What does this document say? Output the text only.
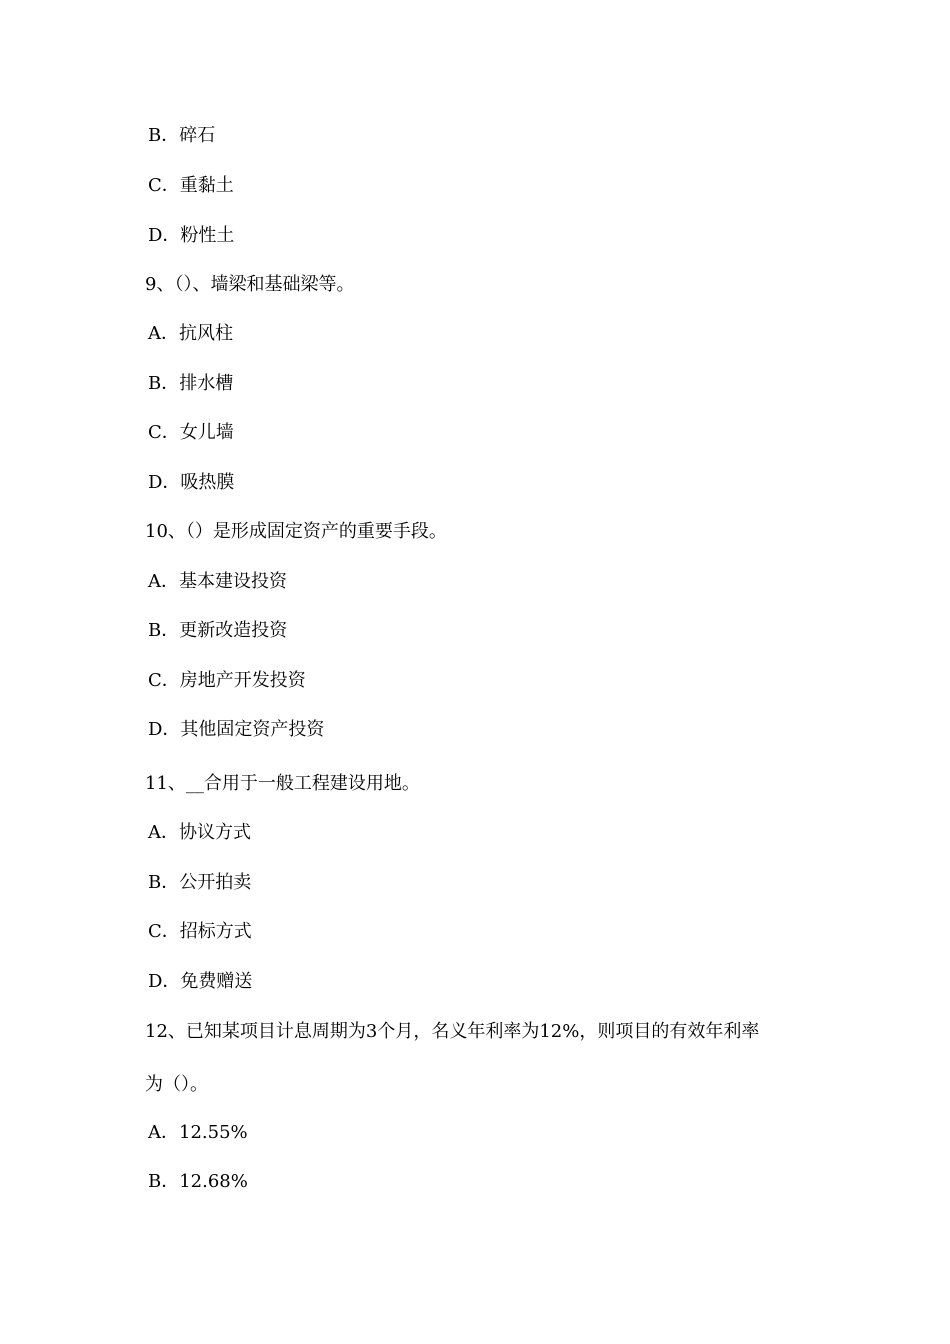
B．碎石
C．重黏土
D．粉性土
9、（）、墙梁和基础梁等。
A．抗风柱
B．排水槽
C．女儿墙
D．吸热膜
10、（）是形成固定资产的重要手段。
A．基本建设投资
B．更新改造投资
C．房地产开发投资
D．其他固定资产投资
11、__合用于一般工程建设用地。
A．协议方式
B．公开拍卖
C．招标方式
D．免费赠送
12、已知某项目计息周期为3个月，名义年利率为12%，则项目的有效年利率
为（）。
A．12.55%
B．12.68%
